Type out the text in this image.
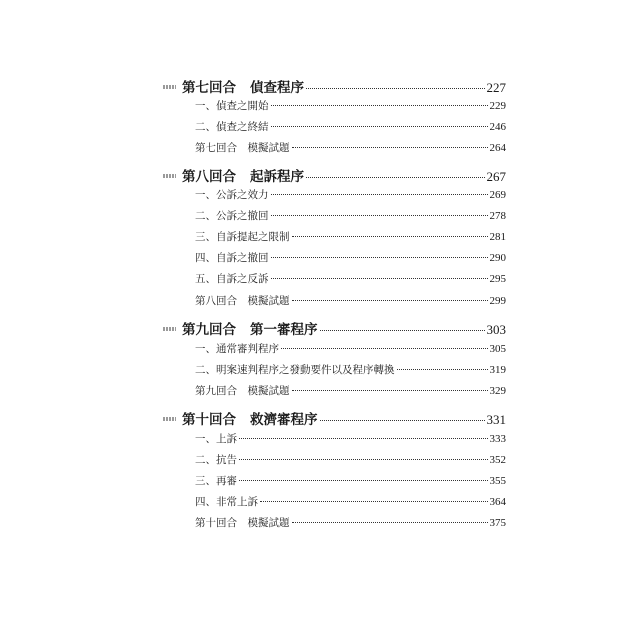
第七回合 偵查程序	227
一、偵查之開始	229
二、偵查之終結	246
第七回合　模擬試題	264
第八回合 起訴程序	267
一、公訴之效力	269
二、公訴之撤回	278
三、自訴提起之限制	281
四、自訴之撤回	290
五、自訴之反訴	295
第八回合　模擬試題	299
第九回合 第一審程序	303
一、通常審判程序	305
二、明案速判程序之發動要件以及程序轉換	319
第九回合　模擬試題	329
第十回合 救濟審程序	331
一、上訴	333
二、抗告	352
三、再審	355
四、非常上訴	364
第十回合　模擬試題	375
